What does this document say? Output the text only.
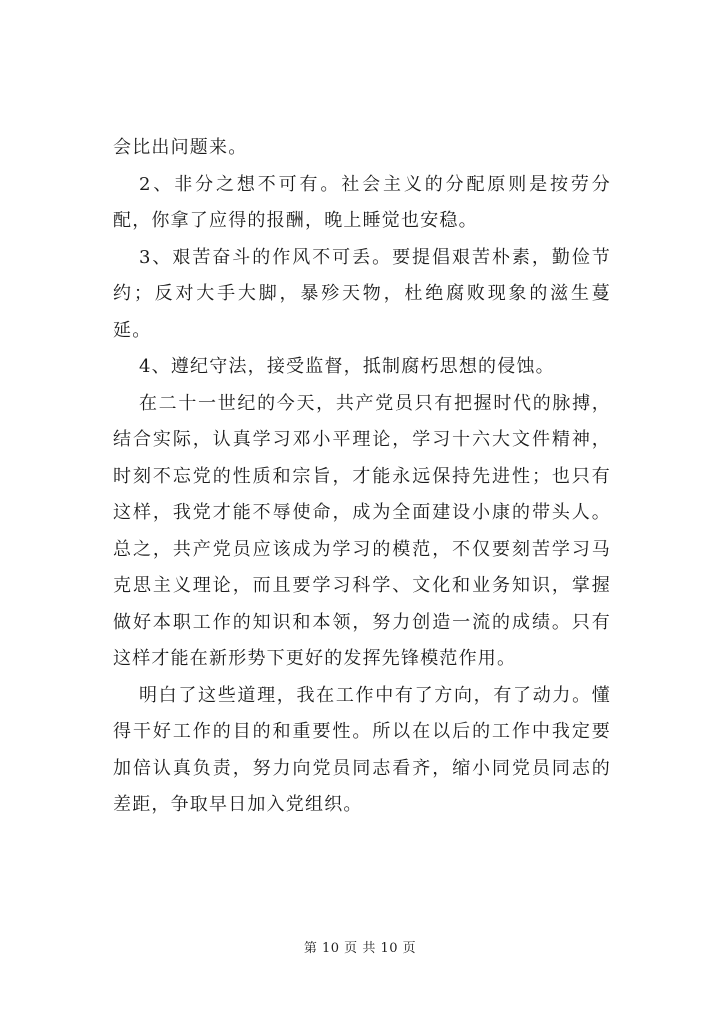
会比出问题来。

2、非分之想不可有。社会主义的分配原则是按劳分配，你拿了应得的报酬，晚上睡觉也安稳。

3、艰苦奋斗的作风不可丢。要提倡艰苦朴素，勤俭节约；反对大手大脚，暴殄天物，杜绝腐败现象的滋生蔓延。

4、遵纪守法，接受监督，抵制腐朽思想的侵蚀。

在二十一世纪的今天，共产党员只有把握时代的脉搏，结合实际，认真学习邓小平理论，学习十六大文件精神，时刻不忘党的性质和宗旨，才能永远保持先进性；也只有这样，我党才能不辱使命，成为全面建设小康的带头人。总之，共产党员应该成为学习的模范，不仅要刻苦学习马克思主义理论，而且要学习科学、文化和业务知识，掌握做好本职工作的知识和本领，努力创造一流的成绩。只有这样才能在新形势下更好的发挥先锋模范作用。

明白了这些道理，我在工作中有了方向，有了动力。懂得干好工作的目的和重要性。所以在以后的工作中我定要加倍认真负责，努力向党员同志看齐，缩小同党员同志的差距，争取早日加入党组织。

第 10 页 共 10 页
